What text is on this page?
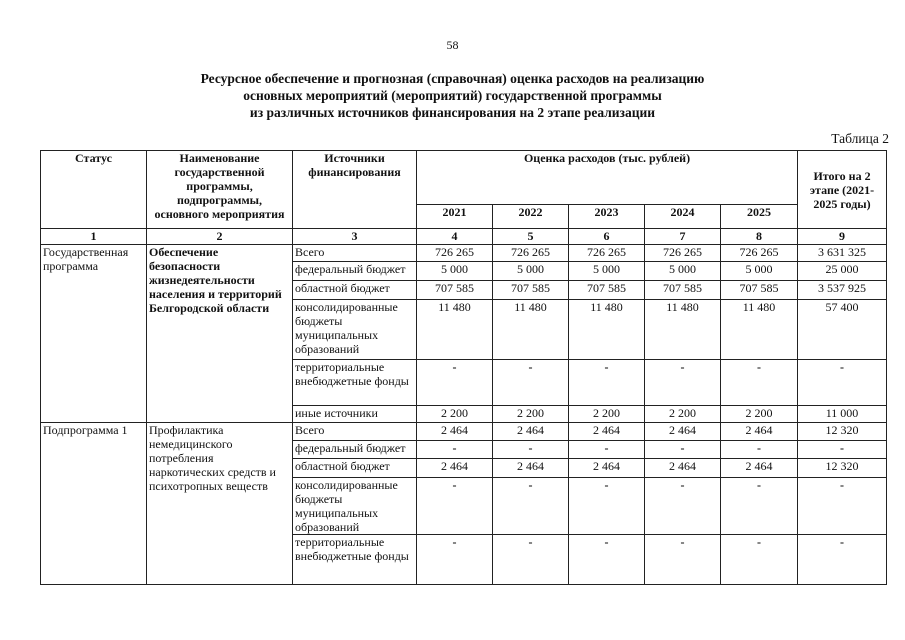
58
Ресурсное обеспечение и прогнозная (справочная) оценка расходов на реализацию
основных мероприятий (мероприятий) государственной программы
из различных источников финансирования на 2 этапе реализации
Таблица 2
Статус	Наименование государственной программы, подпрограммы, основного мероприятия	Источники финансирования	Оценка расходов (тыс. рублей)					Итого на 2 этапе (2021-2025 годы)
			2021	2022	2023	2024	2025	
1	2	3	4	5	6	7	8	9
Государственная программа	Обеспечение безопасности жизнедеятельности населения и территорий Белгородской области	Всего	726 265	726 265	726 265	726 265	726 265	3 631 325
		федеральный бюджет	5 000	5 000	5 000	5 000	5 000	25 000
		областной бюджет	707 585	707 585	707 585	707 585	707 585	3 537 925
		консолидированные бюджеты муниципальных образований	11 480	11 480	11 480	11 480	11 480	57 400
		территориальные внебюджетные фонды	-	-	-	-	-	-
		иные источники	2 200	2 200	2 200	2 200	2 200	11 000
Подпрограмма 1	Профилактика немедицинского потребления наркотических средств и психотропных веществ	Всего	2 464	2 464	2 464	2 464	2 464	12 320
		федеральный бюджет	-	-	-	-	-	-
		областной бюджет	2 464	2 464	2 464	2 464	2 464	12 320
		консолидированные бюджеты муниципальных образований	-	-	-	-	-	-
		территориальные внебюджетные фонды	-	-	-	-	-	-
